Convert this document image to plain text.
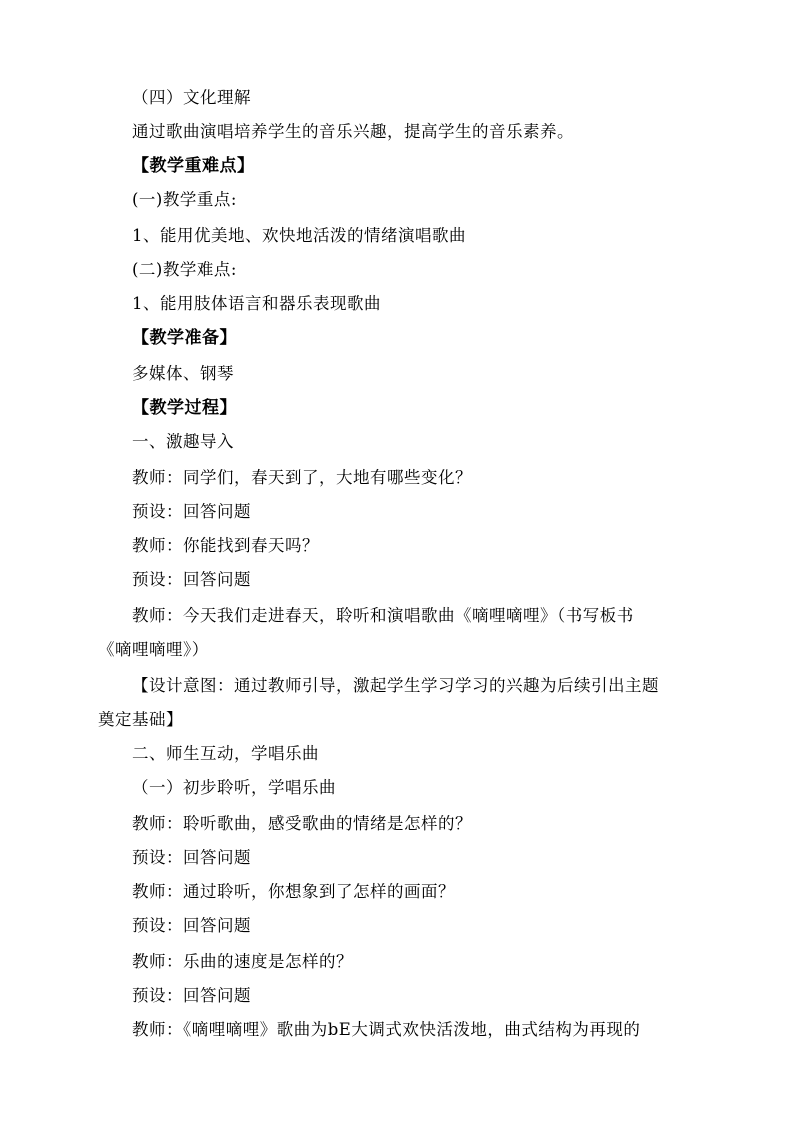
（四）文化理解
通过歌曲演唱培养学生的音乐兴趣，提高学生的音乐素养。
【教学重难点】
(一)教学重点:
1、能用优美地、欢快地活泼的情绪演唱歌曲
(二)教学难点:
1、能用肢体语言和器乐表现歌曲
【教学准备】
多媒体、钢琴
【教学过程】
一、激趣导入
教师：同学们，春天到了，大地有哪些变化？
预设：回答问题
教师：你能找到春天吗？
预设：回答问题
教师：今天我们走进春天，聆听和演唱歌曲《嘀哩嘀哩》（书写板书
《嘀哩嘀哩》）
【设计意图：通过教师引导，激起学生学习学习的兴趣为后续引出主题
奠定基础】
二、师生互动，学唱乐曲
（一）初步聆听，学唱乐曲
教师：聆听歌曲，感受歌曲的情绪是怎样的？
预设：回答问题
教师：通过聆听，你想象到了怎样的画面？
预设：回答问题
教师：乐曲的速度是怎样的？
预设：回答问题
教师：《嘀哩嘀哩》歌曲为bE大调式欢快活泼地，曲式结构为再现的
